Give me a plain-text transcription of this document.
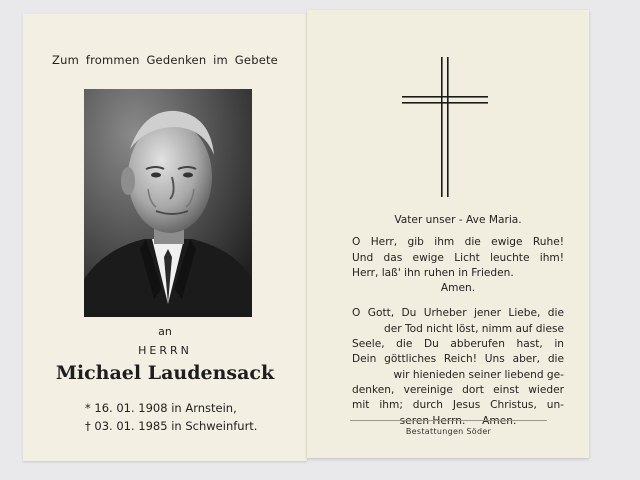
Zum frommen Gedenken im Gebete
an
HERRN
Michael Laudensack
* 16. 01. 1908 in Arnstein,
† 03. 01. 1985 in Schweinfurt.
Vater unser - Ave Maria.
O Herr, gib ihm die ewige Ruhe!
Und das ewige Licht leuchte ihm!
Herr, laß' ihn ruhen in Frieden.
Amen.
O Gott, Du Urheber jener Liebe, die
der Tod nicht löst, nimm auf diese
Seele, die Du abberufen hast, in
Dein göttliches Reich! Uns aber, die
wir hienieden seiner liebend ge-
denken, vereinige dort einst wieder
mit ihm; durch Jesus Christus, un-
Bestattungen Söder
